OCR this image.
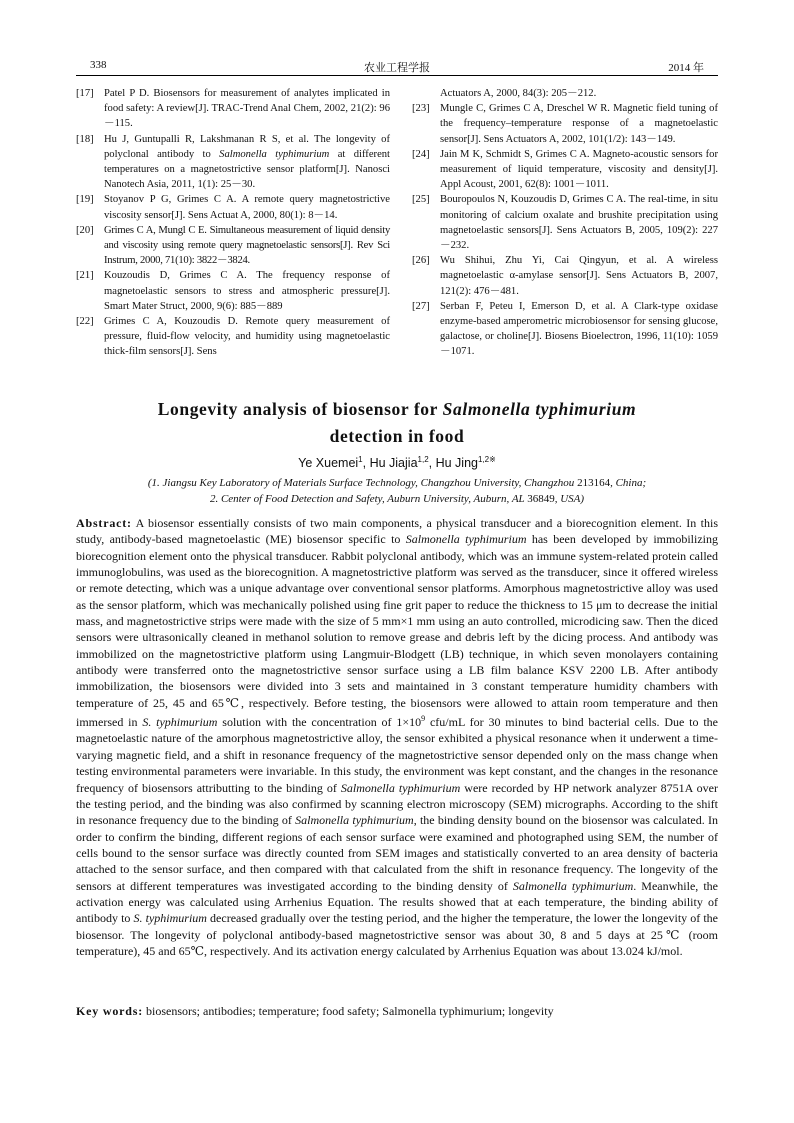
338	农业工程学报	2014 年
[17] Patel P D. Biosensors for measurement of analytes implicated in food safety: A review[J]. TRAC-Trend Anal Chem, 2002, 21(2): 96－115.
[18] Hu J, Guntupalli R, Lakshmanan R S, et al. The longevity of polyclonal antibody to Salmonella typhimurium at different temperatures on a magnetostrictive sensor platform[J]. Nanosci Nanotech Asia, 2011, 1(1): 25－30.
[19] Stoyanov P G, Grimes C A. A remote query magnetostrictive viscosity sensor[J]. Sens Actuat A, 2000, 80(1): 8－14.
[20] Grimes C A, Mungl C E. Simultaneous measurement of liquid density and viscosity using remote query magnetoelastic sensors[J]. Rev Sci Instrum, 2000, 71(10): 3822－3824.
[21] Kouzoudis D, Grimes C A. The frequency response of magnetoelastic sensors to stress and atmospheric pressure[J]. Smart Mater Struct, 2000, 9(6): 885－889
[22] Grimes C A, Kouzoudis D. Remote query measurement of pressure, fluid-flow velocity, and humidity using magnetoelastic thick-film sensors[J]. Sens
Actuators A, 2000, 84(3): 205－212.
[23] Mungle C, Grimes C A, Dreschel W R. Magnetic field tuning of the frequency–temperature response of a magnetoelastic sensor[J]. Sens Actuators A, 2002, 101(1/2): 143－149.
[24] Jain M K, Schmidt S, Grimes C A. Magneto-acoustic sensors for measurement of liquid temperature, viscosity and density[J]. Appl Acoust, 2001, 62(8): 1001－1011.
[25] Bouropoulos N, Kouzoudis D, Grimes C A. The real-time, in situ monitoring of calcium oxalate and brushite precipitation using magnetoelastic sensors[J]. Sens Actuators B, 2005, 109(2): 227－232.
[26] Wu Shihui, Zhu Yi, Cai Qingyun, et al. A wireless magnetoelastic α-amylase sensor[J]. Sens Actuators B, 2007, 121(2): 476－481.
[27] Serban F, Peteu I, Emerson D, et al. A Clark-type oxidase enzyme-based amperometric microbiosensor for sensing glucose, galactose, or choline[J]. Biosens Bioelectron, 1996, 11(10): 1059－1071.
Longevity analysis of biosensor for Salmonella typhimurium
detection in food
Ye Xuemei$^1$, Hu Jiajia$^{1,2}$, Hu Jing$^{1,2※}$
(1. Jiangsu Key Laboratory of Materials Surface Technology, Changzhou University, Changzhou 213164, China;
2. Center of Food Detection and Safety, Auburn University, Auburn, AL 36849, USA)
Abstract: A biosensor essentially consists of two main components, a physical transducer and a biorecognition element. In this study, antibody-based magnetoelastic (ME) biosensor specific to Salmonella typhimurium has been developed by immobilizing biorecognition element onto the physical transducer. Rabbit polyclonal antibody, which was an immune system-related protein called immunoglobulins, was used as the biorecognition. A magnetostrictive platform was served as the transducer, since it offered wireless or remote detecting, which was a unique advantage over conventional sensor platforms. Amorphous magnetostrictive alloy was used as the sensor platform, which was mechanically polished using fine grit paper to reduce the thickness to 15 μm to decrease the initial mass, and magnetostrictive strips were made with the size of 5 mm×1 mm using an auto controlled, microdicing saw. Then the diced sensors were ultrasonically cleaned in methanol solution to remove grease and debris left by the dicing process. And antibody was immobilized on the magnetostrictive platform using Langmuir-Blodgett (LB) technique, in which seven monolayers containing antibody were transferred onto the magnetostrictive sensor surface using a LB film balance KSV 2200 LB. After antibody immobilization, the biosensors were divided into 3 sets and maintained in 3 constant temperature humidity chambers with temperature of 25, 45 and 65℃, respectively. Before testing, the biosensors were allowed to attain room temperature and then immersed in S. typhimurium solution with the concentration of $1\times 10^9$ cfu/mL for 30 minutes to bind bacterial cells. Due to the magnetoelastic nature of the amorphous magnetostrictive alloy, the sensor exhibited a physical resonance when it underwent a time-varying magnetic field, and a shift in resonance frequency of the magnetostrictive sensor depended only on the mass change when testing environmental parameters were invariable. In this study, the environment was kept constant, and the changes in the resonance frequency of biosensors attributting to the binding of Salmonella typhimurium were recorded by HP network analyzer 8751A over the testing period, and the binding was also confirmed by scanning electron microscopy (SEM) micrographs. According to the shift in resonance frequency due to the binding of Salmonella typhimurium, the binding density bound on the biosensor was calculated. In order to confirm the binding, different regions of each sensor surface were examined and photographed using SEM, the number of cells bound to the sensor surface was directly counted from SEM images and statistically converted to an area density of bacteria attached to the sensor surface, and then compared with that calculated from the shift in resonance frequency. The longevity of the sensors at different temperatures was investigated according to the binding density of Salmonella typhimurium. Meanwhile, the activation energy was calculated using Arrhenius Equation. The results showed that at each temperature, the binding ability of antibody to S. typhimurium decreased gradually over the testing period, and the higher the temperature, the lower the longevity of the biosensor. The longevity of polyclonal antibody-based magnetostrictive sensor was about 30, 8 and 5 days at 25℃ (room temperature), 45 and 65℃, respectively. And its activation energy calculated by Arrhenius Equation was about 13.024 kJ/mol.
Key words: biosensors; antibodies; temperature; food safety; Salmonella typhimurium; longevity
